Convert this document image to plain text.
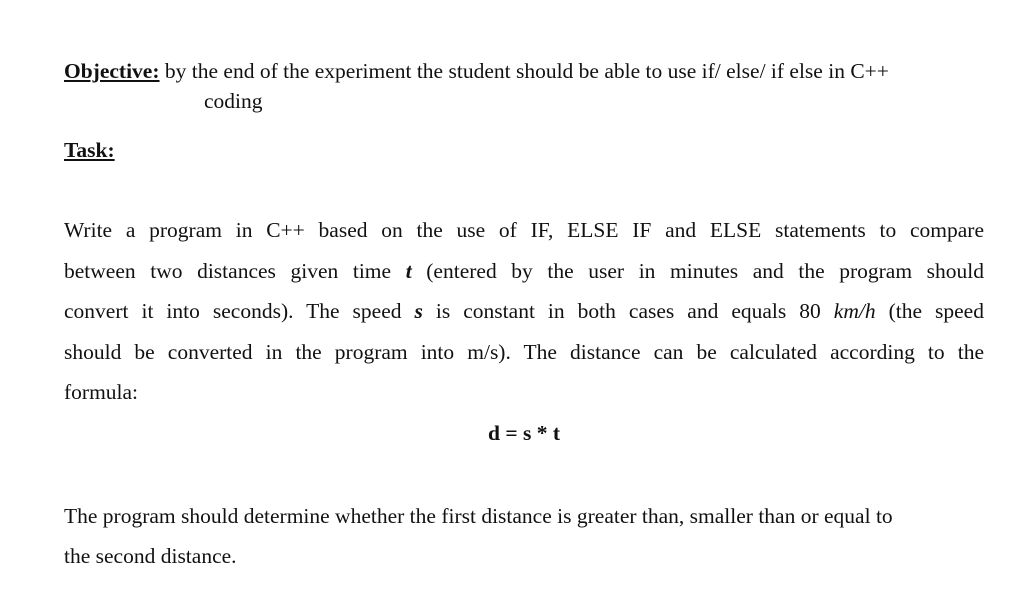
Objective: by the end of the experiment the student should be able to use if/ else/ if else in C++
coding
Task:
Write a program in C++ based on the use of IF, ELSE IF and ELSE statements to compare
between two distances given time t (entered by the user in minutes and the program should
convert it into seconds). The speed s is constant in both cases and equals 80 km/h (the speed
should be converted in the program into m/s). The distance can be calculated according to the
formula:
d = s * t
The program should determine whether the first distance is greater than, smaller than or equal to
the second distance.
